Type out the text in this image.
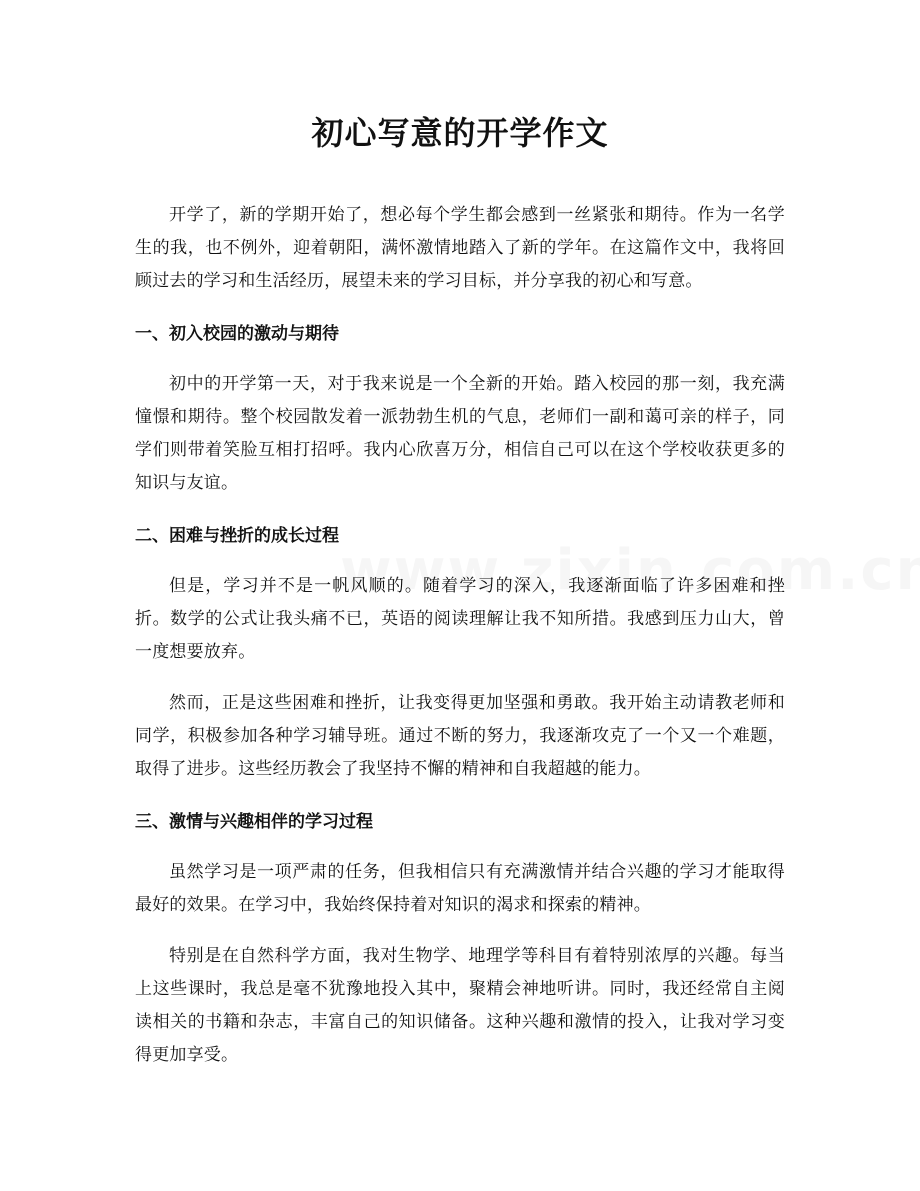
初心写意的开学作文

开学了，新的学期开始了，想必每个学生都会感到一丝紧张和期待。作为一名学生的我，也不例外，迎着朝阳，满怀激情地踏入了新的学年。在这篇作文中，我将回顾过去的学习和生活经历，展望未来的学习目标，并分享我的初心和写意。

一、初入校园的激动与期待

初中的开学第一天，对于我来说是一个全新的开始。踏入校园的那一刻，我充满憧憬和期待。整个校园散发着一派勃勃生机的气息，老师们一副和蔼可亲的样子，同学们则带着笑脸互相打招呼。我内心欣喜万分，相信自己可以在这个学校收获更多的知识与友谊。

二、困难与挫折的成长过程

但是，学习并不是一帆风顺的。随着学习的深入，我逐渐面临了许多困难和挫折。数学的公式让我头痛不已，英语的阅读理解让我不知所措。我感到压力山大，曾一度想要放弃。

然而，正是这些困难和挫折，让我变得更加坚强和勇敢。我开始主动请教老师和同学，积极参加各种学习辅导班。通过不断的努力，我逐渐攻克了一个又一个难题，取得了进步。这些经历教会了我坚持不懈的精神和自我超越的能力。

三、激情与兴趣相伴的学习过程

虽然学习是一项严肃的任务，但我相信只有充满激情并结合兴趣的学习才能取得最好的效果。在学习中，我始终保持着对知识的渴求和探索的精神。

特别是在自然科学方面，我对生物学、地理学等科目有着特别浓厚的兴趣。每当上这些课时，我总是毫不犹豫地投入其中，聚精会神地听讲。同时，我还经常自主阅读相关的书籍和杂志，丰富自己的知识储备。这种兴趣和激情的投入，让我对学习变得更加享受。
